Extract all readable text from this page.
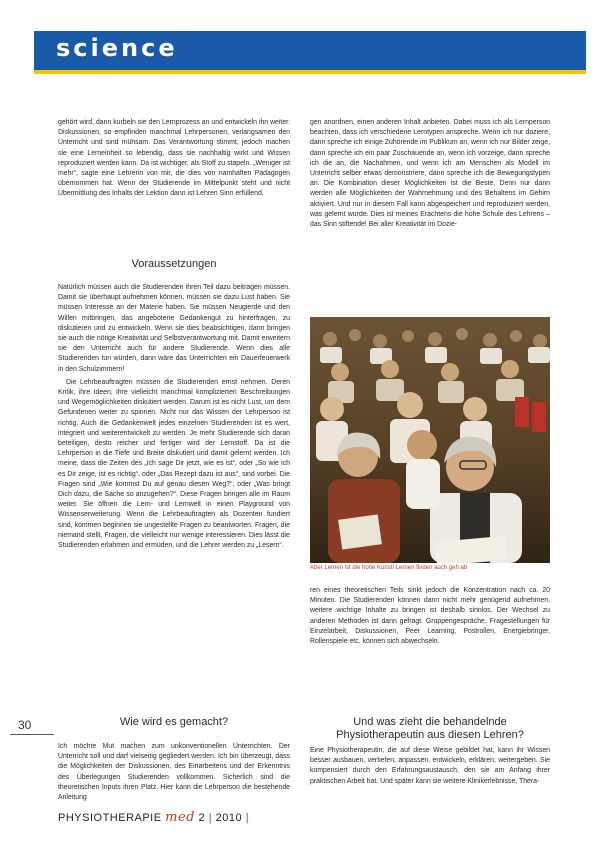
science

gehört wird, dann kurbeln sie den Lernprozess an und entwickeln ihn weiter. Diskussionen, so empfinden manchmal Lehrpersonen, verlangsamen den Unterricht und sind mühsam. Das Verantwortung stimmt, jedoch machen sie eine Lerneinheit so lebendig, dass sie nachhaltig wirkt und Wissen reproduziert werden kann. Da ist wichtiger, als Stoff zu stapeln. „Weniger ist mehr“, sagte eine Lehrerin von mir, die dies von namhaften Pädagogen übernommen hat. Wenn der Studierende im Mittelpunkt steht und nicht Übermittlung des Inhalts der Lektion dann ist Lehren Sinn erfüllend.

Voraussetzungen

Natürlich müssen auch die Studierenden ihren Teil dazu beitragen müssen. Damit sie überhaupt aufnehmen können, müssen sie dazu Lust haben. Sie müssen Interesse an der Materie haben. Sie müssen Neugierde und den Willen mitbringen, das angebotene Gedankengut zu hinterfragen, zu diskutieren und zu entwickeln. Wenn sie dies beabsichtigen, dann bringen sie auch die nötige Kreativität und Selbstverantwortung mit. Damit erweitern sie den Unterricht auch für andere Studierende. Wenn dies alle Studierenden tun würden, dann wäre das Unterrichten ein Dauerfeuerwerk in den Schulzimmern!

Die Lehrbeauftragten müssen die Studierenden ernst nehmen. Deren Kritik, ihre Ideen, ihre vielleicht manchmal komplizierten Beschreibungen und Wegemöglichkeiten diskutiert werden. Darum ist es nicht Lust, um dem Gefundenen weiter zu spinnen. Nicht nur das Wissen der Lehrperson ist richtig. Auch die Gedankenwelt jedes einzelnen Studierenden ist es wert, integriert und weiterentwickelt zu werden. Je mehr Studierende sich daran beteiligen, desto reicher und fertiger wird der Lernstoff. Da ist die Lehrperson in die Tiefe und Breite diskutiert und damit gelernt werden. Ich meine, dass die Zeiten des „Ich sage Dir jetzt, wie es ist“, oder „So wie ich es Dir zeige, ist es richtig“, oder „Das Rezept dazu ist aus“, sind vorbei. Die Fragen sind „Wie kommst Du auf genau diesen Weg?“, oder „Was bringt Dich dazu, die Sache so anzugehen?“. Diese Fragen bringen alle im Raum weiter. Sie öffnen die Lern- und Lernwelt in einen Playground von Wissenserweiterung. Wenn die Lehrbeauftragten als Dozenten fundiert sind, kommen beginnen sie ungestellte Fragen zu beantworten. Fragen, die niemand stellt, Fragen, die vielleicht nur wenige interessieren. Dies lässt die Studierenden erlahmen und ermüden, und die Lehrer werden zu „Lesern“.

gen anordnen, einen anderen Inhalt anbieten. Dabei muss ich als Lernperson beachten, dass ich verschiedene Lerntypen anspreche. Wenn ich nur doziere, dann spreche ich einige Zuhörende im Publikum an, wenn ich nur Bilder zeige, dann spreche ich ein paar Zuschauende an, wenn ich vorzeige, dann spreche ich die an, die Nachahmen, und wenn ich am Menschen als Modell im Unterricht selber etwas demonstriere, dann spreche ich die Bewegungstypen an. Die Kombination dieser Möglichkeiten ist die Beste. Denn nur dann werden alle Möglichkeiten der Wahrnehmung und des Behaltens im Gehirn aktiviert. Und nur in diesem Fall kann abgespeichert und reproduziert werden, was gelernt wurde. Dies ist meines Erachtens die hohe Schule des Lehrens – das Sinn stiftende! Bei aller Kreativität im Dozie-

Aber Lernen ist die hohe Kunst! Lernen finden auch geh ab

ren eines theoretischen Teils sinkt jedoch die Konzentration nach ca. 20 Minuten. Die Studierenden können dann nicht mehr genügend aufnehmen, weitere wichtige Inhalte zu bringen ist deshalb sinnlos. Der Wechsel zu anderen Methoden ist dann gefragt. Gruppengespräche, Fragestellungen für Einzelarbeit, Diskussionen, Peer Learning, Postrollen, Energiebringer, Rollenspiele etc. können sich abwechseln.

Wie wird es gemacht?

Ich möchte Mut machen zum unkonventionellen Unterrichten. Der Unterricht soll und darf vielseitig gegliedert werden. Ich bin überzeugt, dass die Möglichkeiten der Diskussionen, des Einarbeitens und der Erkenntnis des Überlegungen Studierenden vollkommen. Sicherlich sind die theoretischen Inputs ihren Platz. Hier kann die Lehrperson die bestehende Anleitung

Und was zieht die behandelnde Physiotherapeutin aus diesen Lehren?

Eine Physiotherapeutin, die auf diese Weise gebildet hat, kann ihr Wissen besser ausbauen, vertiefen, anpassen, entwickeln, erklären, weitergeben. Sie kompensiert durch den Erfahrungsaustausch, den sie am Anfang ihrer praktischen Arbeit hat. Und später kann sie weitere Klinikerlebnisse, Thera-

30
PHYSIOTHERAPIE med 2 | 2010 |
